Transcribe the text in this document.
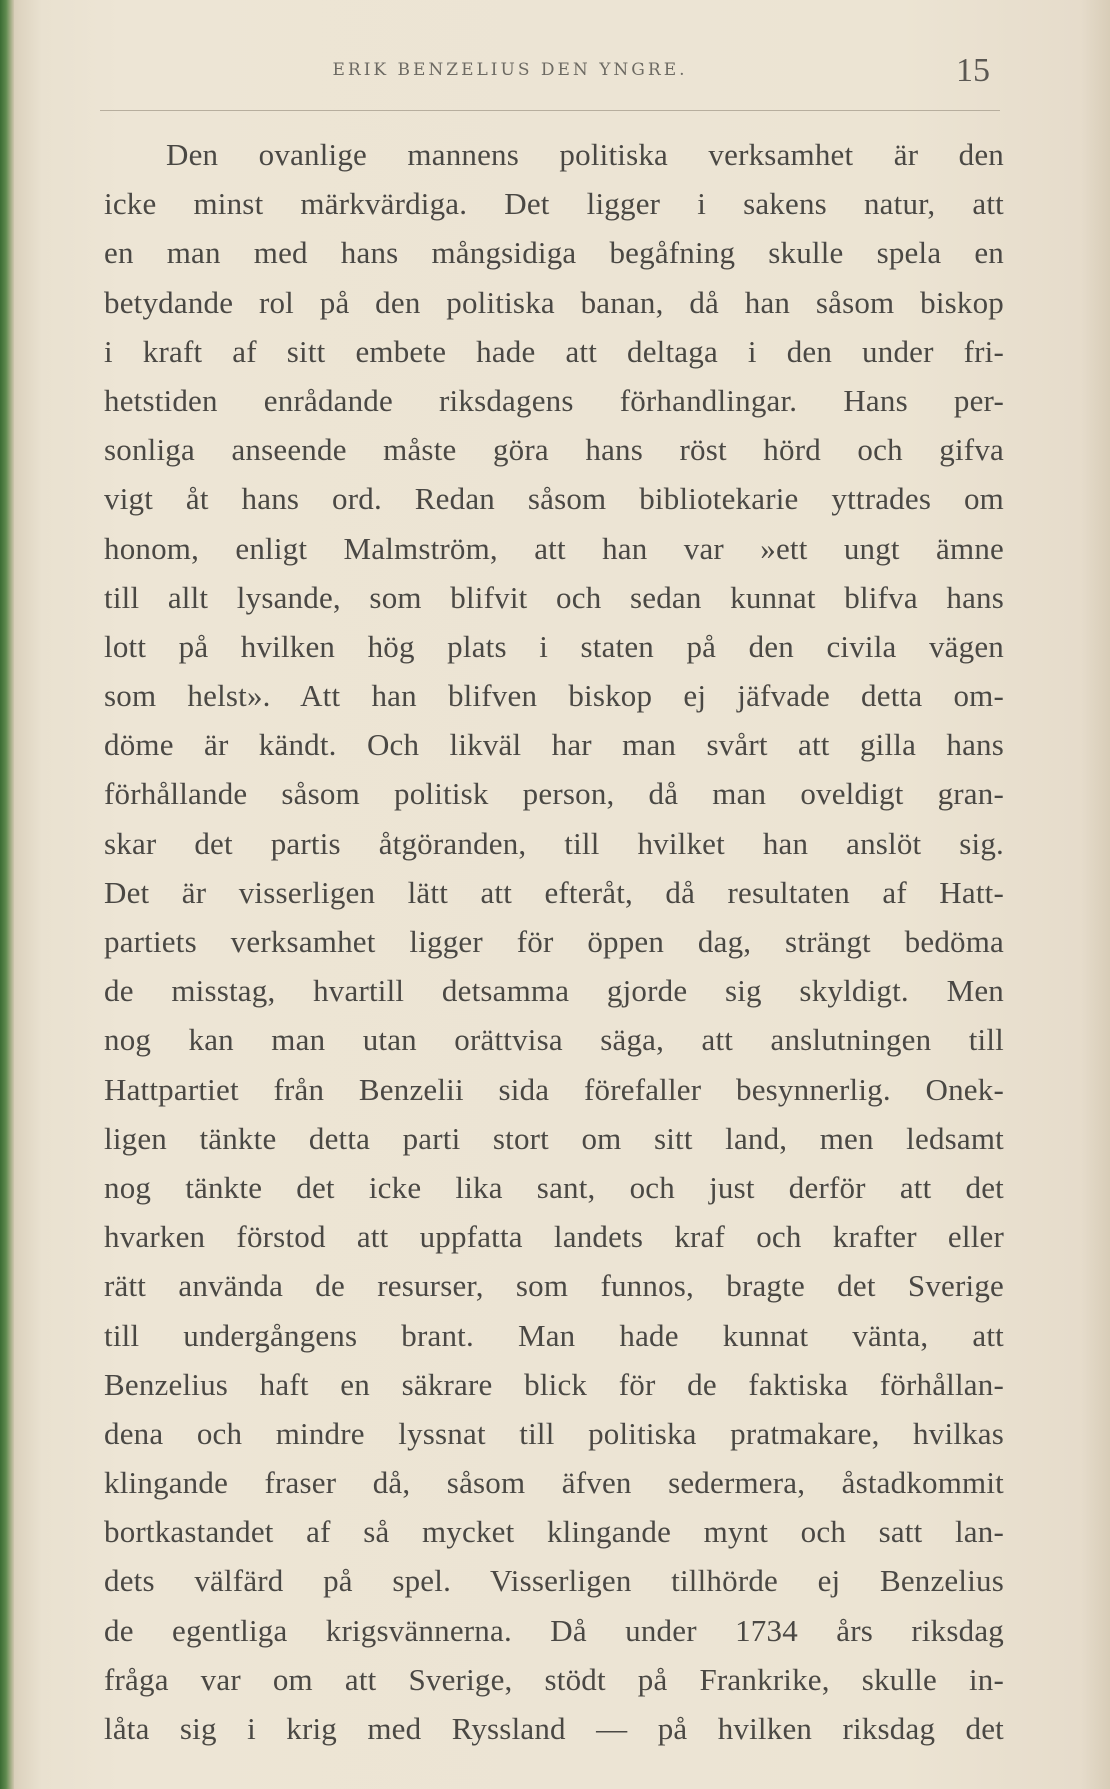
ERIK BENZELIUS DEN YNGRE.	15
Den ovanlige mannens politiska verksamhet är den
icke minst märkvärdiga. Det ligger i sakens natur, att
en man med hans mångsidiga begåfning skulle spela en
betydande rol på den politiska banan, då han såsom biskop
i kraft af sitt embete hade att deltaga i den under fri-
hetstiden enrådande riksdagens förhandlingar. Hans per-
sonliga anseende måste göra hans röst hörd och gifva
vigt åt hans ord. Redan såsom bibliotekarie yttrades om
honom, enligt Malmström, att han var »ett ungt ämne
till allt lysande, som blifvit och sedan kunnat blifva hans
lott på hvilken hög plats i staten på den civila vägen
som helst». Att han blifven biskop ej jäfvade detta om-
döme är kändt. Och likväl har man svårt att gilla hans
förhållande såsom politisk person, då man oveldigt gran-
skar det partis åtgöranden, till hvilket han anslöt sig.
Det är visserligen lätt att efteråt, då resultaten af Hatt-
partiets verksamhet ligger för öppen dag, strängt bedöma
de misstag, hvartill detsamma gjorde sig skyldigt. Men
nog kan man utan orättvisa säga, att anslutningen till
Hattpartiet från Benzelii sida förefaller besynnerlig. Onek-
ligen tänkte detta parti stort om sitt land, men ledsamt
nog tänkte det icke lika sant, och just derför att det
hvarken förstod att uppfatta landets kraf och krafter eller
rätt använda de resurser, som funnos, bragte det Sverige
till undergångens brant. Man hade kunnat vänta, att
Benzelius haft en säkrare blick för de faktiska förhållan-
dena och mindre lyssnat till politiska pratmakare, hvilkas
klingande fraser då, såsom äfven sedermera, åstadkommit
bortkastandet af så mycket klingande mynt och satt lan-
dets välfärd på spel. Visserligen tillhörde ej Benzelius
de egentliga krigsvännerna. Då under 1734 års riksdag
fråga var om att Sverige, stödt på Frankrike, skulle in-
låta sig i krig med Ryssland — på hvilken riksdag det
